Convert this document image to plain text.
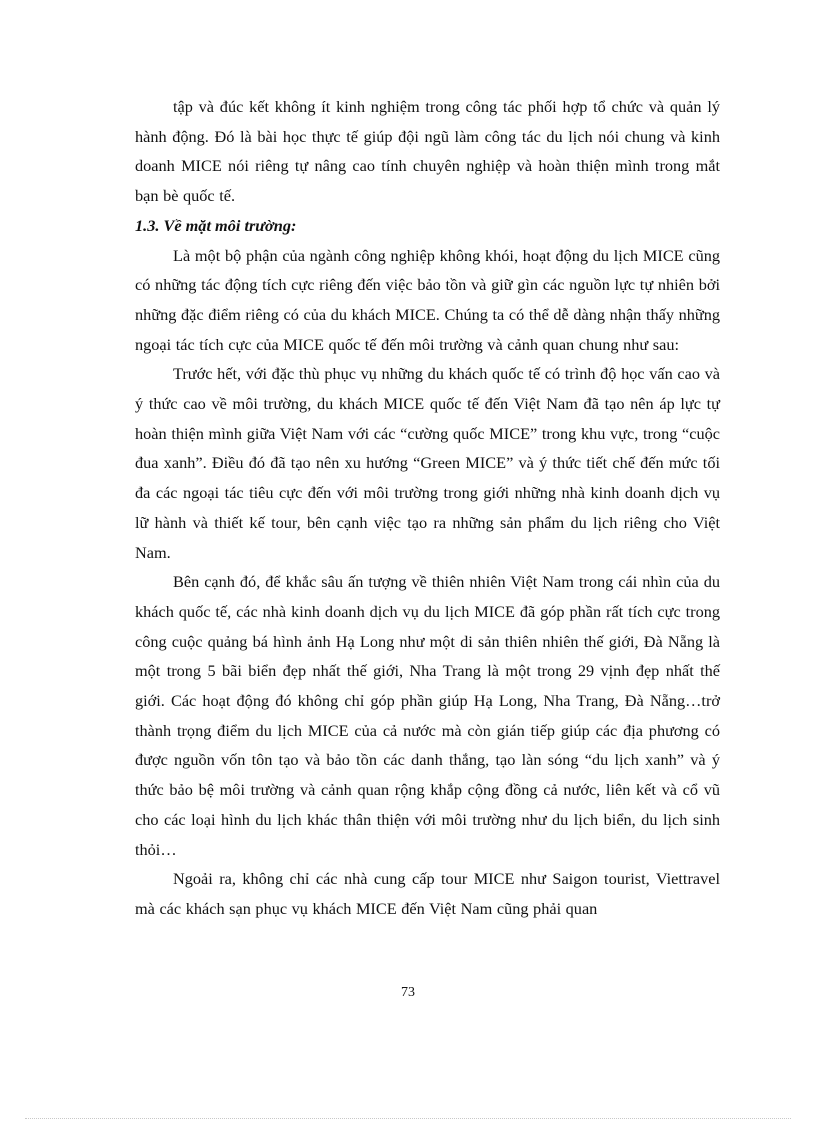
tập và đúc kết không ít kinh nghiệm trong công tác phối hợp tổ chức và quản lý hành động. Đó là bài học thực tế giúp đội ngũ làm công tác du lịch nói chung và kinh doanh MICE nói riêng tự nâng cao tính chuyên nghiệp và hoàn thiện mình trong mắt bạn bè quốc tế.

1.3. Về mặt môi trường:

Là một bộ phận của ngành công nghiệp không khói, hoạt động du lịch MICE cũng có những tác động tích cực riêng đến việc bảo tồn và giữ gìn các nguồn lực tự nhiên bởi những đặc điểm riêng có của du khách MICE. Chúng ta có thể dễ dàng nhận thấy những ngoại tác tích cực của MICE quốc tế đến môi trường và cảnh quan chung như sau:

Trước hết, với đặc thù phục vụ những du khách quốc tế có trình độ học vấn cao và ý thức cao về môi trường, du khách MICE quốc tế đến Việt Nam đã tạo nên áp lực tự hoàn thiện mình giữa Việt Nam với các “cường quốc MICE” trong khu vực, trong “cuộc đua xanh”. Điều đó đã tạo nên xu hướng “Green MICE” và ý thức tiết chế đến mức tối đa các ngoại tác tiêu cực đến với môi trường trong giới những nhà kinh doanh dịch vụ lữ hành và thiết kế tour, bên cạnh việc tạo ra những sản phẩm du lịch riêng cho Việt Nam.

Bên cạnh đó, để khắc sâu ấn tượng về thiên nhiên Việt Nam trong cái nhìn của du khách quốc tế, các nhà kinh doanh dịch vụ du lịch MICE đã góp phần rất tích cực trong công cuộc quảng bá hình ảnh Hạ Long như một di sản thiên nhiên thế giới, Đà Nẵng là một trong 5 bãi biển đẹp nhất thế giới, Nha Trang là một trong 29 vịnh đẹp nhất thế giới. Các hoạt động đó không chỉ góp phần giúp Hạ Long, Nha Trang, Đà Nẵng…trở thành trọng điểm du lịch MICE của cả nước mà còn gián tiếp giúp các địa phương có được nguồn vốn tôn tạo và bảo tồn các danh thắng, tạo làn sóng “du lịch xanh” và ý thức bảo bệ môi trường và cảnh quan rộng khắp cộng đồng cả nước, liên kết và cổ vũ cho các loại hình du lịch khác thân thiện với môi trường như du lịch biển, du lịch sinh thỏi…

Ngoải ra, không chỉ các nhà cung cấp tour MICE như Saigon tourist, Viettravel mà các khách sạn phục vụ khách MICE đến Việt Nam cũng phải quan

73
